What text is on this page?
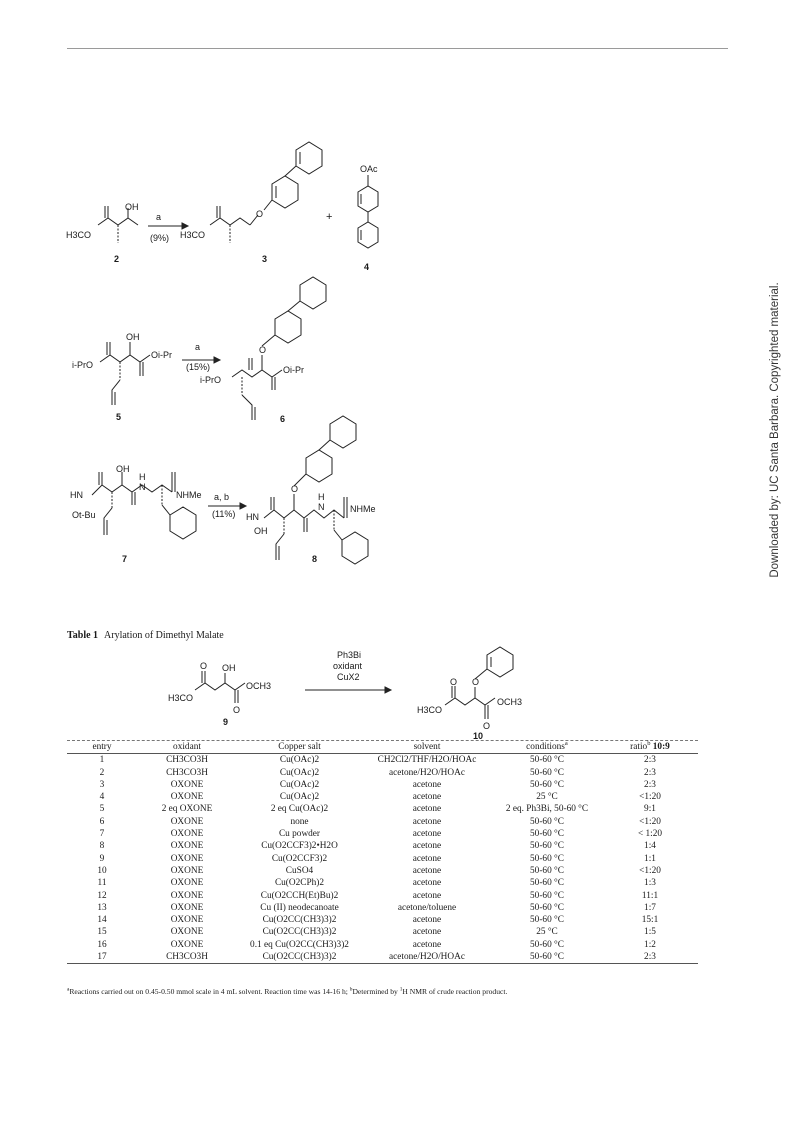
H3CO
OH
a
(9%)
2
H3CO
O
3
+
OAc
4
i-PrO
OH
Oi-Pr
5
a
(15%)
i-PrO
Oi-Pr
O
6
HN
Ot-Bu
OH
H
N
NHMe
7
a, b
(11%) HN
OH
O
H
N	NHMe
8	Downloaded by: UC Santa Barbara. Copyrighted material.
Table 1 Arylation of Dimethyl Malate
H3CO
O OH
OCH3
O
9
Ph3Bi
oxidant
CuX2
H3CO
O O
OCH3
O
10
entry	oxidant	Copper salt	solvent	conditions$^a$	ratio$^b$ 10:9
1	CH3CO3H	Cu(OAc)2	CH2Cl2/THF/H2O/HOAc	50-60 °C	2:3
2	CH3CO3H	Cu(OAc)2	acetone/H2O/HOAc	50-60 °C	2:3
3	OXONE	Cu(OAc)2	acetone	50-60 °C	2:3
4	OXONE	Cu(OAc)2	acetone	25 °C	<1:20
5	2 eq OXONE	2 eq Cu(OAc)2	acetone	2 eq. Ph3Bi, 50-60 °C	9:1
6	OXONE	none	acetone	50-60 °C	<1:20
7	OXONE	Cu powder	acetone	50-60 °C	< 1:20
8	OXONE	Cu(O2CCF3)2•H2O	acetone	50-60 °C	1:4
9	OXONE	Cu(O2CCF3)2	acetone	50-60 °C	1:1
10	OXONE	CuSO4	acetone	50-60 °C	<1:20
11	OXONE	Cu(O2CPh)2	acetone	50-60 °C	1:3
12	OXONE	Cu(O2CCH(Et)Bu)2	acetone	50-60 °C	11:1
13	OXONE	Cu (II) neodecanoate	acetone/toluene	50-60 °C	1:7
14	OXONE	Cu(O2CC(CH3)3)2	acetone	50-60 °C	15:1
15	OXONE	Cu(O2CC(CH3)3)2	acetone	25 °C	1:5
16	OXONE	0.1 eq Cu(O2CC(CH3)3)2	acetone	50-60 °C	1:2
17	CH3CO3H	Cu(O2CC(CH3)3)2	acetone/H2O/HOAc	50-60 °C	2:3
$^a$Reactions carried out on 0.45-0.50 mmol scale in 4 mL solvent. Reaction time was 14-16 h; $^b$Determined by $^1$H NMR of crude reaction product.
